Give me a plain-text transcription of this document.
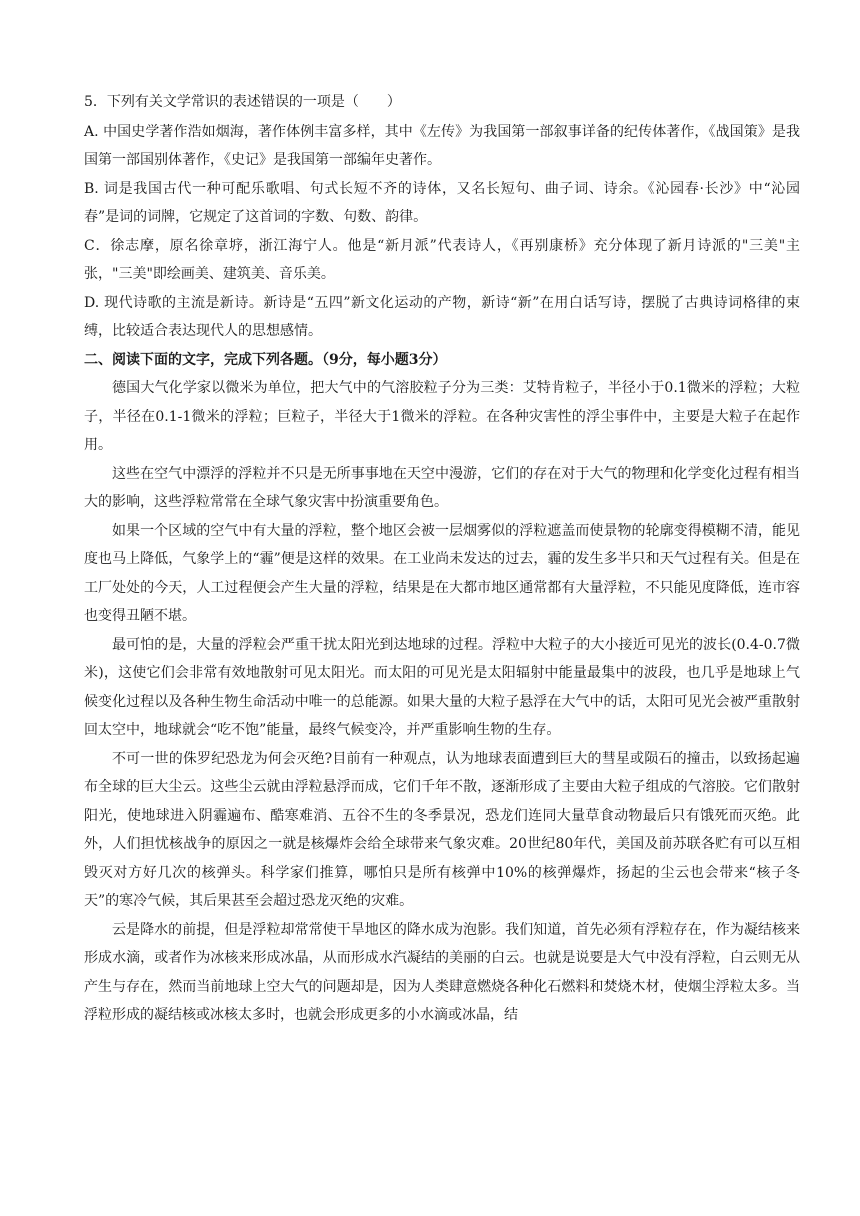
5．下列有关文学常识的表述错误的一项是（　　）

A. 中国史学著作浩如烟海，著作体例丰富多样，其中《左传》为我国第一部叙事详备的纪传体著作，《战国策》是我国第一部国别体著作，《史记》是我国第一部编年史著作。

B. 词是我国古代一种可配乐歌唱、句式长短不齐的诗体，又名长短句、曲子词、诗余。《沁园春·长沙》中“沁园春”是词的词牌，它规定了这首词的字数、句数、韵律。

C．徐志摩，原名徐章垿，浙江海宁人。他是“新月派”代表诗人，《再别康桥》充分体现了新月诗派的"三美"主张，"三美"即绘画美、建筑美、音乐美。

D. 现代诗歌的主流是新诗。新诗是“五四”新文化运动的产物，新诗“新”在用白话写诗，摆脱了古典诗词格律的束缚，比较适合表达现代人的思想感情。

二、阅读下面的文字，完成下列各题。（9分，每小题3分）

德国大气化学家以微米为单位，把大气中的气溶胶粒子分为三类：艾特肯粒子，半径小于0.1微米的浮粒；大粒子，半径在0.1-1微米的浮粒；巨粒子，半径大于1微米的浮粒。在各种灾害性的浮尘事件中，主要是大粒子在起作用。

这些在空气中漂浮的浮粒并不只是无所事事地在天空中漫游，它们的存在对于大气的物理和化学变化过程有相当大的影响，这些浮粒常常在全球气象灾害中扮演重要角色。

如果一个区域的空气中有大量的浮粒，整个地区会被一层烟雾似的浮粒遮盖而使景物的轮廓变得模糊不清，能见度也马上降低，气象学上的“霾”便是这样的效果。在工业尚未发达的过去，霾的发生多半只和天气过程有关。但是在工厂处处的今天，人工过程便会产生大量的浮粒，结果是在大都市地区通常都有大量浮粒，不只能见度降低，连市容也变得丑陋不堪。

最可怕的是，大量的浮粒会严重干扰太阳光到达地球的过程。浮粒中大粒子的大小接近可见光的波长(0.4-0.7微米)，这使它们会非常有效地散射可见太阳光。而太阳的可见光是太阳辐射中能量最集中的波段，也几乎是地球上气候变化过程以及各种生物生命活动中唯一的总能源。如果大量的大粒子悬浮在大气中的话，太阳可见光会被严重散射回太空中，地球就会“吃不饱”能量，最终气候变冷，并严重影响生物的生存。

不可一世的侏罗纪恐龙为何会灭绝?目前有一种观点，认为地球表面遭到巨大的彗星或陨石的撞击，以致扬起遍布全球的巨大尘云。这些尘云就由浮粒悬浮而成，它们千年不散，逐渐形成了主要由大粒子组成的气溶胶。它们散射阳光，使地球进入阴霾遍布、酷寒难消、五谷不生的冬季景况，恐龙们连同大量草食动物最后只有饿死而灭绝。此外，人们担忧核战争的原因之一就是核爆炸会给全球带来气象灾难。20世纪80年代，美国及前苏联各贮有可以互相毁灭对方好几次的核弹头。科学家们推算，哪怕只是所有核弹中10%的核弹爆炸，扬起的尘云也会带来“核子冬天”的寒冷气候，其后果甚至会超过恐龙灭绝的灾难。

云是降水的前提，但是浮粒却常常使干旱地区的降水成为泡影。我们知道，首先必须有浮粒存在，作为凝结核来形成水滴，或者作为冰核来形成冰晶，从而形成水汽凝结的美丽的白云。也就是说要是大气中没有浮粒，白云则无从产生与存在，然而当前地球上空大气的问题却是，因为人类肆意燃烧各种化石燃料和焚烧木材，使烟尘浮粒太多。当浮粒形成的凝结核或冰核太多时，也就会形成更多的小水滴或冰晶，结
